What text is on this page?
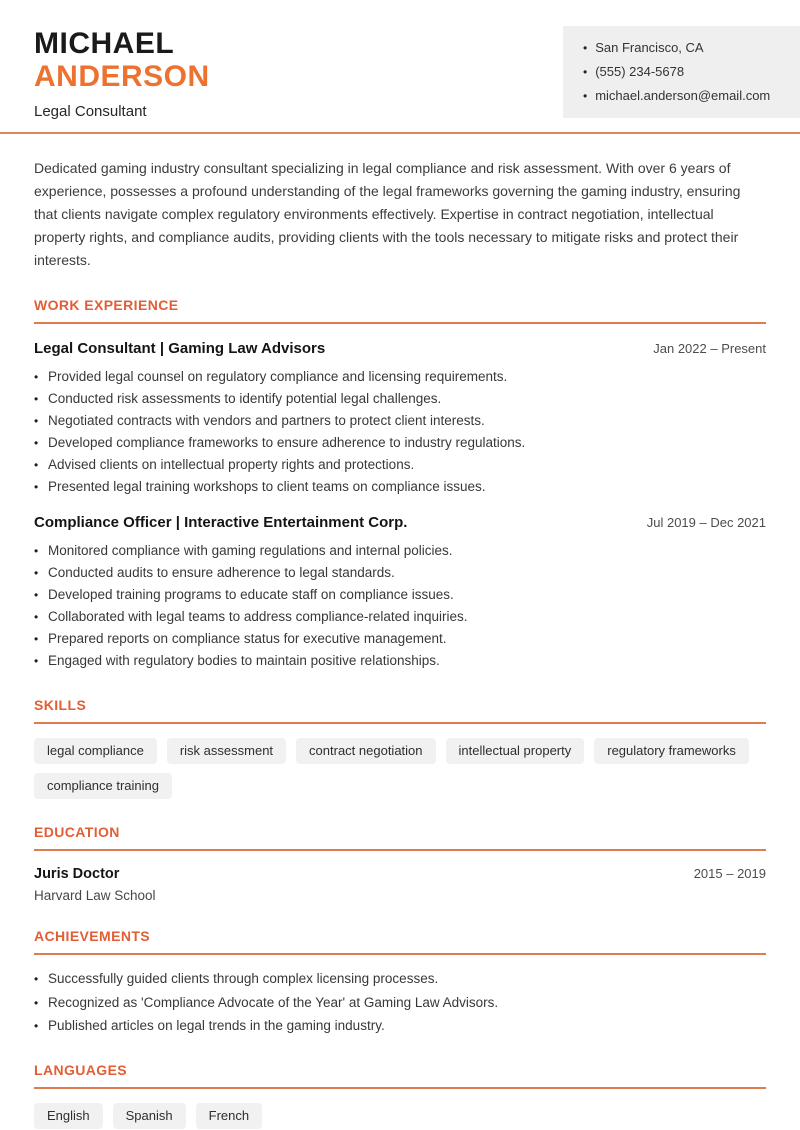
MICHAEL
ANDERSON
Legal Consultant
• San Francisco, CA
• (555) 234-5678
• michael.anderson@email.com

Dedicated gaming industry consultant specializing in legal compliance and risk assessment. With over 6 years of experience, possesses a profound understanding of the legal frameworks governing the gaming industry, ensuring that clients navigate complex regulatory environments effectively. Expertise in contract negotiation, intellectual property rights, and compliance audits, providing clients with the tools necessary to mitigate risks and protect their interests.

WORK EXPERIENCE
Legal Consultant | Gaming Law Advisors	Jan 2022 – Present
• Provided legal counsel on regulatory compliance and licensing requirements.
• Conducted risk assessments to identify potential legal challenges.
• Negotiated contracts with vendors and partners to protect client interests.
• Developed compliance frameworks to ensure adherence to industry regulations.
• Advised clients on intellectual property rights and protections.
• Presented legal training workshops to client teams on compliance issues.
Compliance Officer | Interactive Entertainment Corp.	Jul 2019 – Dec 2021
• Monitored compliance with gaming regulations and internal policies.
• Conducted audits to ensure adherence to legal standards.
• Developed training programs to educate staff on compliance issues.
• Collaborated with legal teams to address compliance-related inquiries.
• Prepared reports on compliance status for executive management.
• Engaged with regulatory bodies to maintain positive relationships.
SKILLS
legal compliance	risk assessment	contract negotiation	intellectual property	regulatory frameworks
compliance training
EDUCATION
Juris Doctor	2015 – 2019
Harvard Law School
ACHIEVEMENTS
• Successfully guided clients through complex licensing processes.
• Recognized as 'Compliance Advocate of the Year' at Gaming Law Advisors.
• Published articles on legal trends in the gaming industry.
LANGUAGES
English	Spanish	French
